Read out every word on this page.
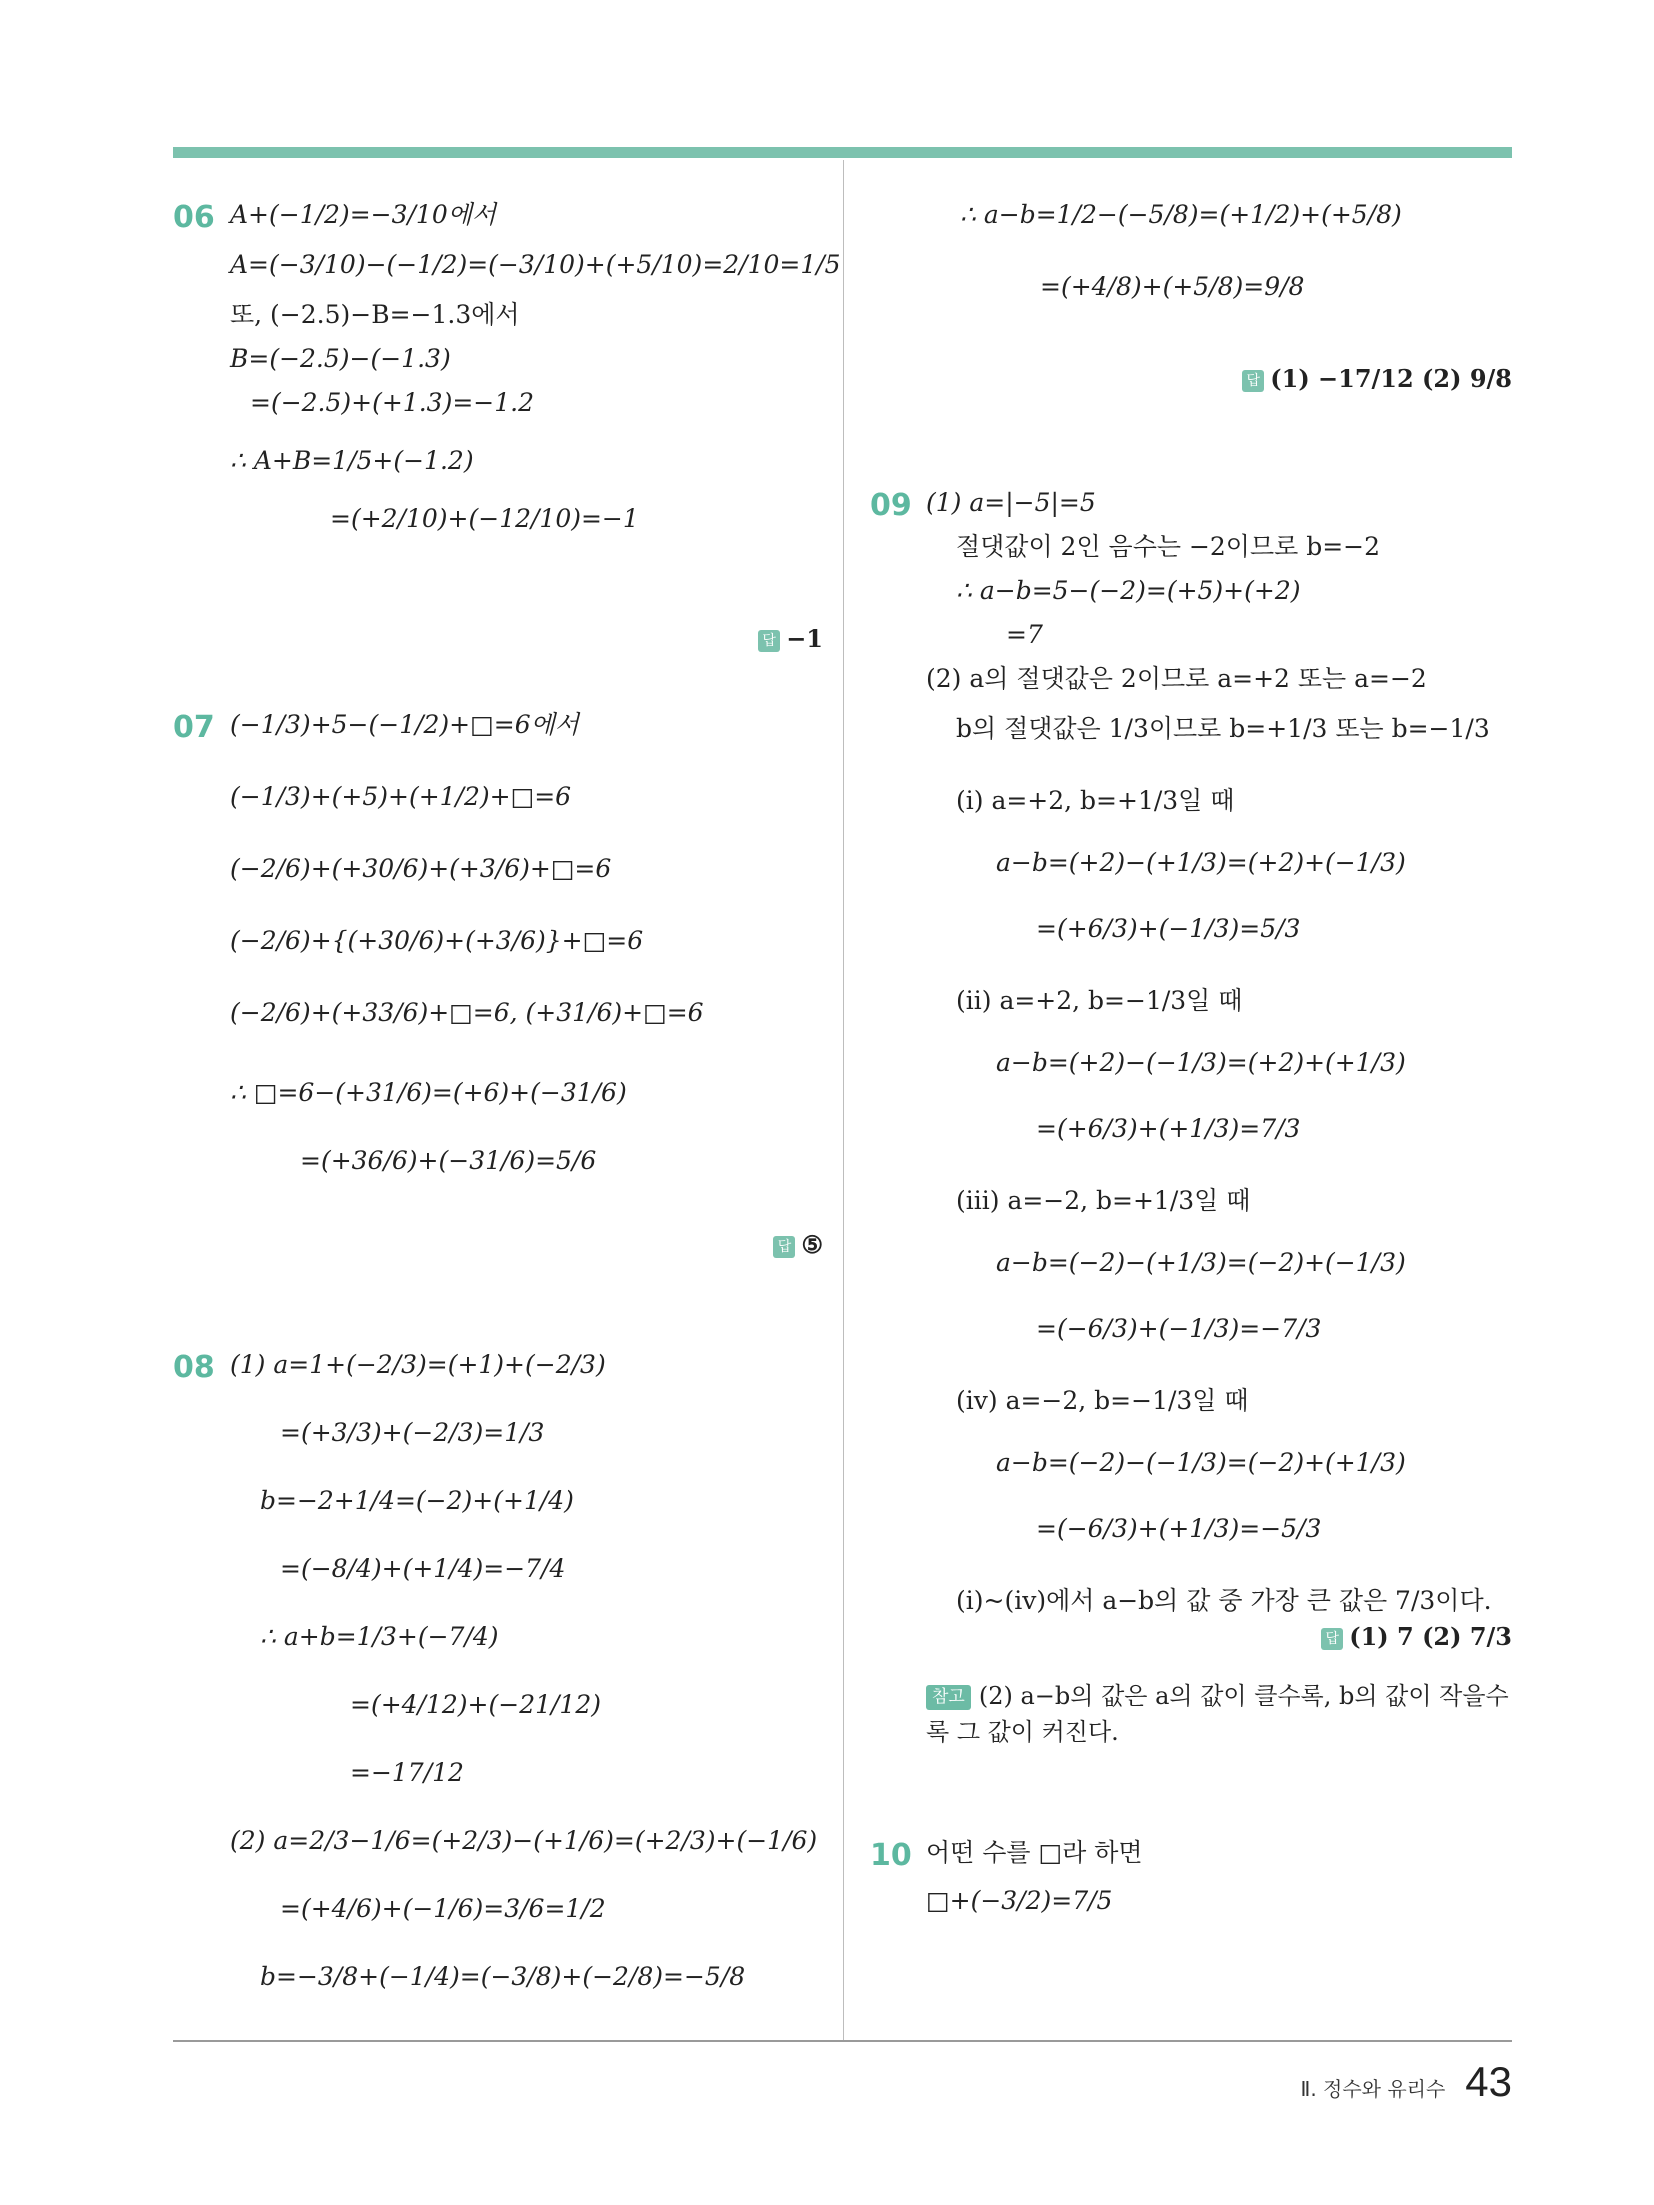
06 A+(−1/2)=−3/10에서
A=(−3/10)−(−1/2)=(−3/10)+(+5/10)=2/10=1/5
또, (−2.5)−B=−1.3에서
B=(−2.5)−(−1.3)
=(−2.5)+(+1.3)=−1.2
∴ A+B=1/5+(−1.2)
=(+2/10)+(−12/10)=−1
답 −1
07 (−1/3)+5−(−1/2)+□=6에서
(−1/3)+(+5)+(+1/2)+□=6
(−2/6)+(+30/6)+(+3/6)+□=6
(−2/6)+{(+30/6)+(+3/6)}+□=6
(−2/6)+(+33/6)+□=6, (+31/6)+□=6
∴ □=6−(+31/6)=(+6)+(−31/6)
=(+36/6)+(−31/6)=5/6
답 ⑤
08 (1) a=1+(−2/3)=(+1)+(−2/3)
=(+3/3)+(−2/3)=1/3
b=−2+1/4=(−2)+(+1/4)
=(−8/4)+(+1/4)=−7/4
∴ a+b=1/3+(−7/4)
=(+4/12)+(−21/12)
=−17/12
(2) a=2/3−1/6=(+2/3)−(+1/6)=(+2/3)+(−1/6)
=(+4/6)+(−1/6)=3/6=1/2
b=−3/8+(−1/4)=(−3/8)+(−2/8)=−5/8
∴ a−b=1/2−(−5/8)=(+1/2)+(+5/8)
=(+4/8)+(+5/8)=9/8
답 (1) −17/12 (2) 9/8
09 (1) a=|−5|=5
절댓값이 2인 음수는 −2이므로 b=−2
∴ a−b=5−(−2)=(+5)+(+2)
=7
(2) a의 절댓값은 2이므로 a=+2 또는 a=−2
b의 절댓값은 1/3이므로 b=+1/3 또는 b=−1/3
(ⅰ) a=+2, b=+1/3일 때
a−b=(+2)−(+1/3)=(+2)+(−1/3)
=(+6/3)+(−1/3)=5/3
(ⅱ) a=+2, b=−1/3일 때
a−b=(+2)−(−1/3)=(+2)+(+1/3)
=(+6/3)+(+1/3)=7/3
(ⅲ) a=−2, b=+1/3일 때
a−b=(−2)−(+1/3)=(−2)+(−1/3)
=(−6/3)+(−1/3)=−7/3
(ⅳ) a=−2, b=−1/3일 때
a−b=(−2)−(−1/3)=(−2)+(+1/3)
=(−6/3)+(+1/3)=−5/3
(ⅰ)~(ⅳ)에서 a−b의 값 중 가장 큰 값은 7/3이다.
답 (1) 7 (2) 7/3
참고 (2) a−b의 값은 a의 값이 클수록, b의 값이 작을수록 그 값이 커진다.
10 어떤 수를 □라 하면
□+(−3/2)=7/5
Ⅱ. 정수와 유리수 43
